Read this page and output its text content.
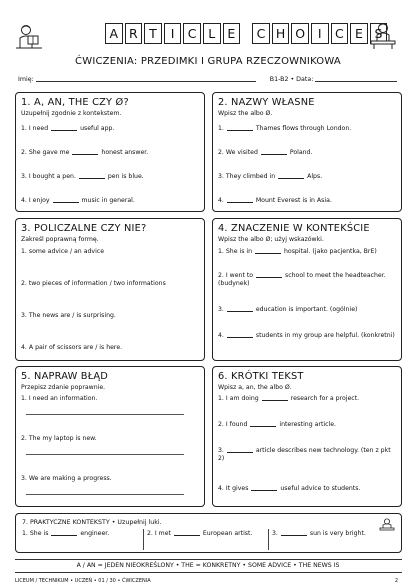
A R T	I	C L E	C H O	I	C E S
ĆWICZENIA: PRZEDIMKI I GRUPA RZECZOWNIKOWA
Imię:	B1-B2 • Data:
1. A, AN, THE CZY Ø?
Uzupełnij zgodnie z kontekstem.
1. I need	useful app.
2. She gave me	honest answer.
3. I bought a pen.	pen is blue.
4. I enjoy	music in general.
2. NAZWY WŁASNE
Wpisz the albo Ø.
1.	Thames flows through London.
2. We visited	Poland.
3. They climbed in	Alps.
4.	Mount Everest is in Asia.
3. POLICZALNE CZY NIE?
Zakreśl poprawną formę.
1. some advice / an advice
2. two pieces of information / two informations
3. The news are / is surprising.
4. A pair of scissors are / is here.
4. ZNACZENIE W KONTEKŚCIE
Wpisz the albo Ø; użyj wskazówki.
1. She is in	hospital. (jako pacjentka, BrE)
2. I went to	school to meet the headteacher. (budynek)
3.	education is important. (ogólnie)
4.	students in my group are helpful. (konkretni)
5. NAPRAW BŁĄD
Przepisz zdanie poprawnie.
1. I need an information.
2. The my laptop is new.
3. We are making a progress.
6. KRÓTKI TEKST
Wpisz a, an, the albo Ø.
1. I am doing	research for a project.
2. I found	interesting article.
3.	article describes new technology. (ten z pkt 2)
4. It gives	useful advice to students.
7. PRAKTYCZNE KONTEKSTY • Uzupełnij luki.
1. She is	engineer.	2. I met	European artist.	3.	sun is very bright.
A / AN = JEDEN NIEOKREŚLONY • THE = KONKRETNY • SOME ADVICE • THE NEWS IS
LICEUM / TECHNIKUM • UCZEŃ • 01 / 30 • ĆWICZENIA	2
